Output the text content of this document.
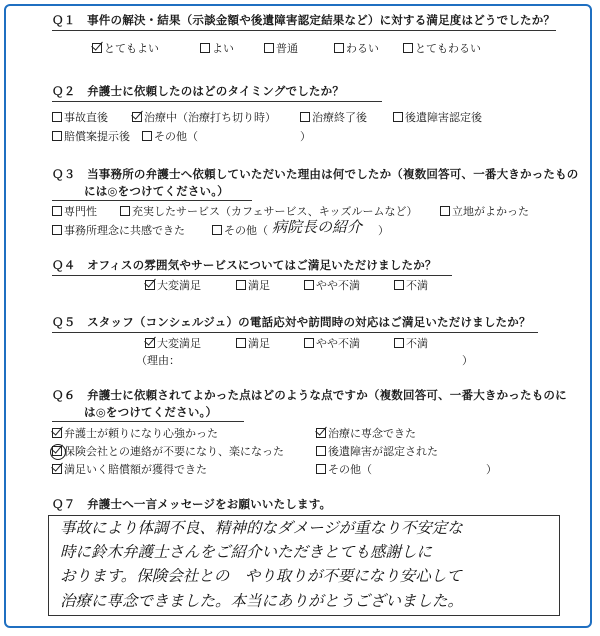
Ｑ１　事件の解決・結果（示談金額や後遺障害認定結果など）に対する満足度はどうでしたか？
とてもよい	よい	普通	わるい	とてもわるい
Ｑ２　弁護士に依頼したのはどのタイミングでしたか？
事故直後	治療中（治療打ち切り時）	治療終了後	後遺障害認定後
賠償案提示後	その他（	）
Ｑ３　当事務所の弁護士へ依頼していただいた理由は何でしたか（複数回答可、一番大きかったもの
には◎をつけてください。）
専門性	充実したサービス（カフェサービス、キッズルームなど）	立地がよかった
事務所理念に共感できた	その他（ 病院長の紹介 ）
Ｑ４　オフィスの雰囲気やサービスについてはご満足いただけましたか？
大変満足	満足	やや不満	不満
Ｑ５　スタッフ（コンシェルジュ）の電話応対や訪問時の対応はご満足いただけましたか？
大変満足	満足	やや不満	不満
（理由：	）
Ｑ６　弁護士に依頼されてよかった点はどのような点ですか（複数回答可、一番大きかったものに
は◎をつけてください。）
弁護士が頼りになり心強かった	治療に専念できた
保険会社との連絡が不要になり、楽になった	後遺障害が認定された
満足いく賠償額が獲得できた	その他（	）
Ｑ７　弁護士へ一言メッセージをお願いいたします。
事故により体調不良、精神的なダメージが重なり不安定な
時に鈴木弁護士さんをご紹介いただきとても感謝しに
おります。保険会社との　やり取りが不要になり安心して
治療に専念できました。本当にありがとうございました。
